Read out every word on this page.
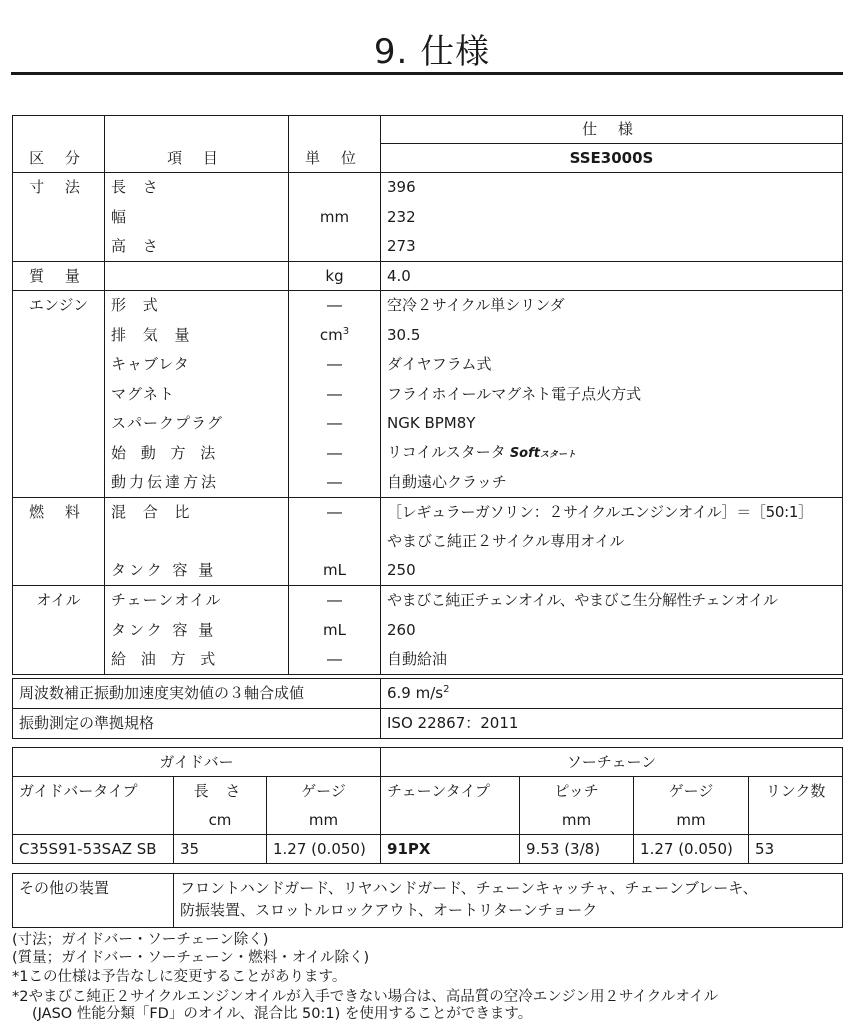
9. 仕様
			仕 様
区 分	項 目	単 位	SSE3000S
寸 法	長 さ		396
	幅	mm	232
	高 さ		273
質 量		kg	4.0
エンジン	形 式	―	空冷２サイクル単シリンダ
	排 気 量	$cm^3$	30.5
	キャブレタ	―	ダイヤフラム式
	マグネト	―	フライホイールマグネト電子点火方式
	スパークプラグ	―	NGK BPM8Y
	始 動 方 法	―	リコイルスタータ Softスタート
	動力伝達方法	―	自動遠心クラッチ
燃 料	混 合 比	―	［レギュラーガソリン：２サイクルエンジンオイル］＝［50:1］
			やまびこ純正２サイクル専用オイル
	タンク 容 量	mL	250
オイル	チェーンオイル	―	やまびこ純正チェンオイル、やまびこ生分解性チェンオイル
	タンク 容 量	mL	260
	給 油 方 式	―	自動給油
周波数補正振動加速度実効値の３軸合成値	6.9 $m/s^2$
振動測定の準拠規格	ISO 22867：2011
ガイドバー			ソーチェーン			
ガイドバータイプ	長 さ	ゲージ	チェーンタイプ	ピッチ	ゲージ	リンク数
	cm	mm		mm	mm	
C35S91-53SAZ SB	35	1.27 (0.050)	91PX	9.53 (3/8)	1.27 (0.050)	53
その他の装置	フロントハンドガード、リヤハンドガード、チェーンキャッチャ、チェーンブレーキ、
防振装置、スロットルロックアウト、オートリターンチョーク
(寸法；ガイドバー・ソーチェーン除く)
(質量；ガイドバー・ソーチェーン・燃料・オイル除く)
*1この仕様は予告なしに変更することがあります。
*2やまびこ純正２サイクルエンジンオイルが入手できない場合は、高品質の空冷エンジン用２サイクルオイル
(JASO 性能分類「FD」のオイル、混合比 50:1) を使用することができます。
